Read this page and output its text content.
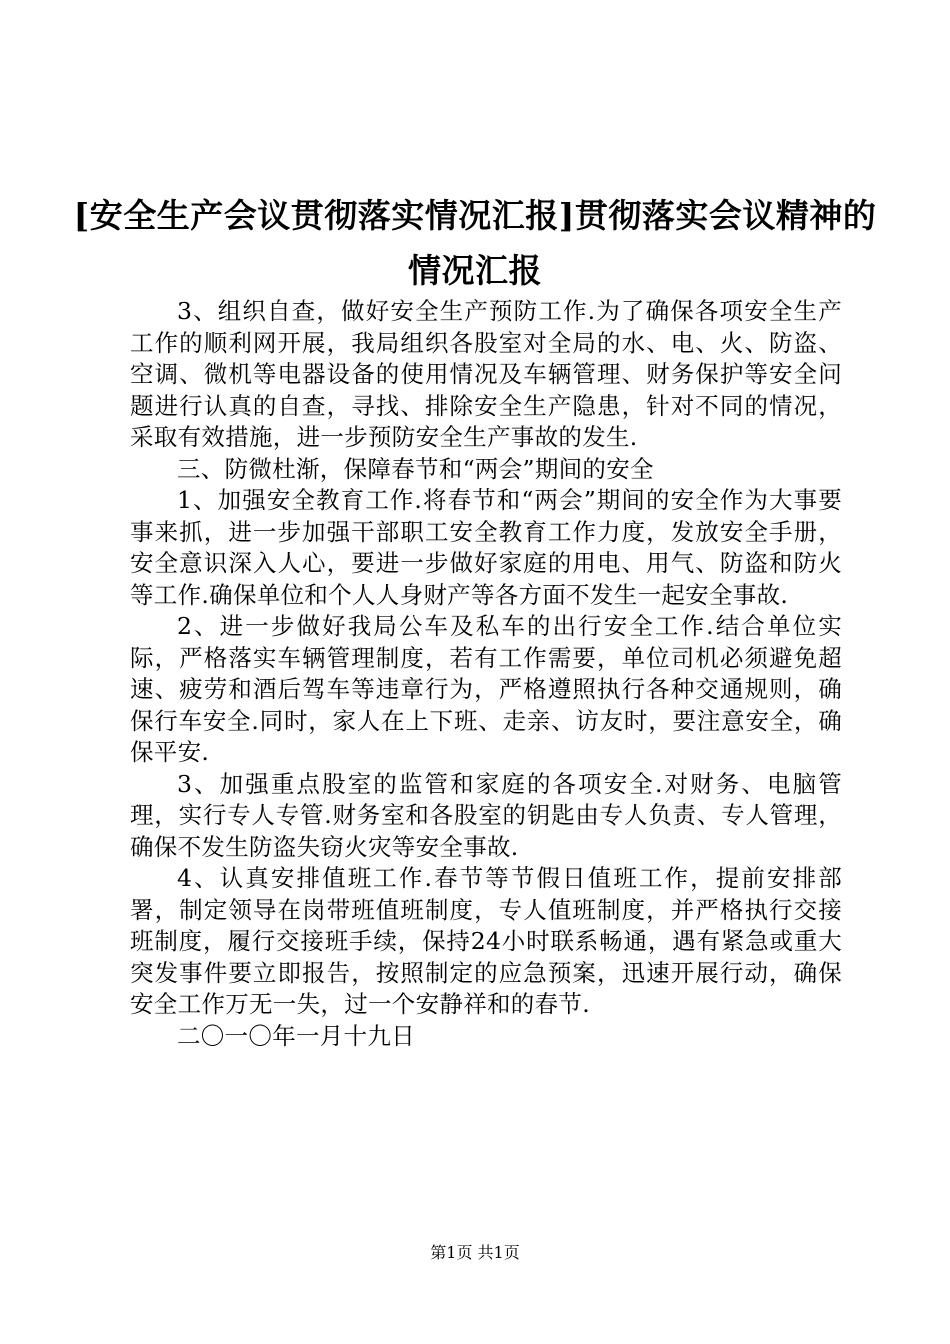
[安全生产会议贯彻落实情况汇报]贯彻落实会议精神的情况汇报

3、组织自查，做好安全生产预防工作.为了确保各项安全生产工作的顺利网开展，我局组织各股室对全局的水、电、火、防盗、空调、微机等电器设备的使用情况及车辆管理、财务保护等安全问题进行认真的自查，寻找、排除安全生产隐患，针对不同的情况，采取有效措施，进一步预防安全生产事故的发生.

三、防微杜渐，保障春节和“两会”期间的安全

1、加强安全教育工作.将春节和“两会”期间的安全作为大事要事来抓，进一步加强干部职工安全教育工作力度，发放安全手册，安全意识深入人心，要进一步做好家庭的用电、用气、防盗和防火等工作.确保单位和个人人身财产等各方面不发生一起安全事故.

2、进一步做好我局公车及私车的出行安全工作.结合单位实际，严格落实车辆管理制度，若有工作需要，单位司机必须避免超速、疲劳和酒后驾车等违章行为，严格遵照执行各种交通规则，确保行车安全.同时，家人在上下班、走亲、访友时，要注意安全，确保平安.

3、加强重点股室的监管和家庭的各项安全.对财务、电脑管理，实行专人专管.财务室和各股室的钥匙由专人负责、专人管理，确保不发生防盗失窃火灾等安全事故.

4、认真安排值班工作.春节等节假日值班工作，提前安排部署，制定领导在岗带班值班制度，专人值班制度，并严格执行交接班制度，履行交接班手续，保持24小时联系畅通，遇有紧急或重大突发事件要立即报告，按照制定的应急预案，迅速开展行动，确保安全工作万无一失，过一个安静祥和的春节.

二〇一〇年一月十九日

第1页 共1页
